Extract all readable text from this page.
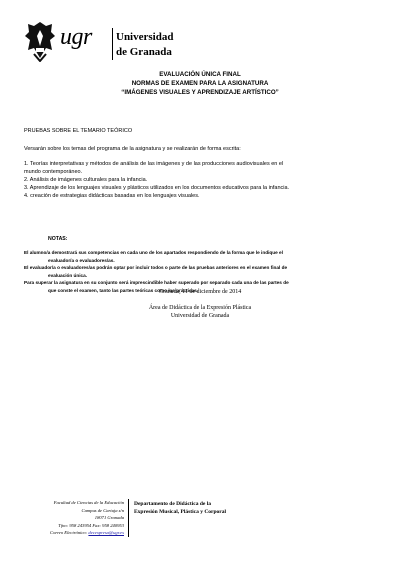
ugr Universidad
de Granada
EVALUACIÓN ÚNICA FINAL
NORMAS DE EXAMEN PARA LA ASIGNATURA
“IMÁGENES VISUALES Y APRENDIZAJE ARTÍSTICO”
PRUEBAS SOBRE EL TEMARIO TEÓRICO
Versarán sobre los temas del programa de la asignatura y se realizarán de forma escrita:
1. Teorías interpretativas y métodos de análisis de las imágenes y de las producciones audiovisuales en el
mundo contemporáneo.
2. Análisis de imágenes culturales para la infancia.
3. Aprendizaje de los lenguajes visuales y plásticos utilizados en los documentos educativos para la infancia.
4. creación de estrategias didácticas basadas en los lenguajes visuales.
NOTAS:
El alumno/a demostrará sus competencias en cada uno de los apartados respondiendo de la forma que le indique el
evaluador/a o evaluadores/as.
El evaluador/a o evaluadores/as podrán optar por incluir todos o parte de las pruebas anteriores en el examen final de
evaluación única.
Para superar la asignatura en su conjunto será imprescindible haber superado por separado cada una de las partes de
que conste el examen, tanto las partes teóricas como las prácticas.
Granada, 11 de diciembre de 2014
Área de Didáctica de la Expresión Plástica
Universidad de Granada
Facultad de Ciencias de la Educación
Campus de Cartuja s/n
18071 Granada
Tfno: 958 243954 Fax: 958 240953
Correo Electrónico: decexpresa@ugr.es
Departamento de Didáctica de la
Expresión Musical, Plástica y Corporal
